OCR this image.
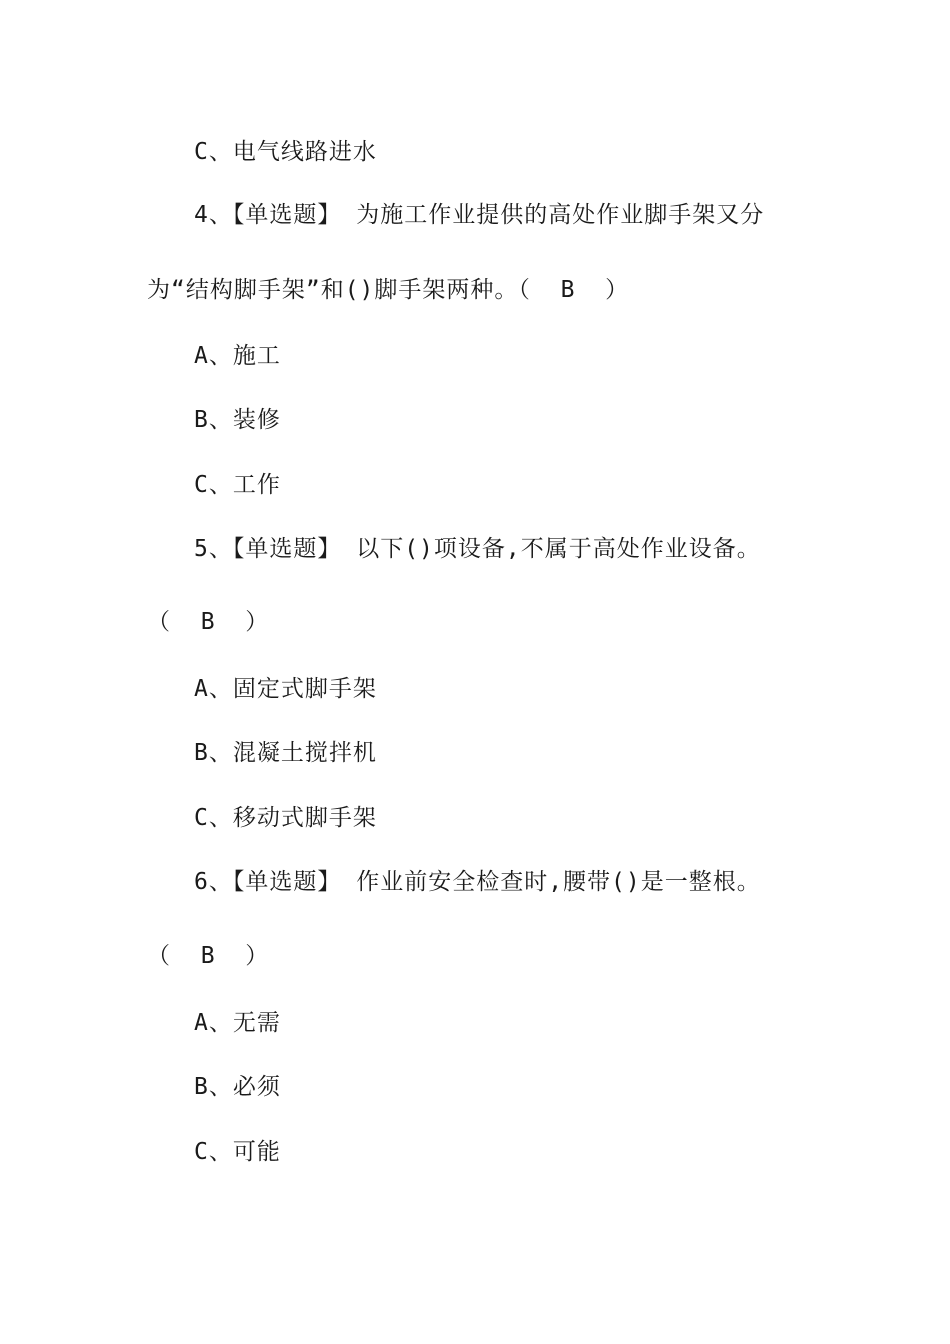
C、电气线路进水
4、【单选题】 为施工作业提供的高处作业脚手架又分
为“结构脚手架”和()脚手架两种。（  B  ）
A、施工
B、装修
C、工作
5、【单选题】 以下()项设备,不属于高处作业设备。
（  B  ）
A、固定式脚手架
B、混凝土搅拌机
C、移动式脚手架
6、【单选题】 作业前安全检查时,腰带()是一整根。
（  B  ）
A、无需
B、必须
C、可能
